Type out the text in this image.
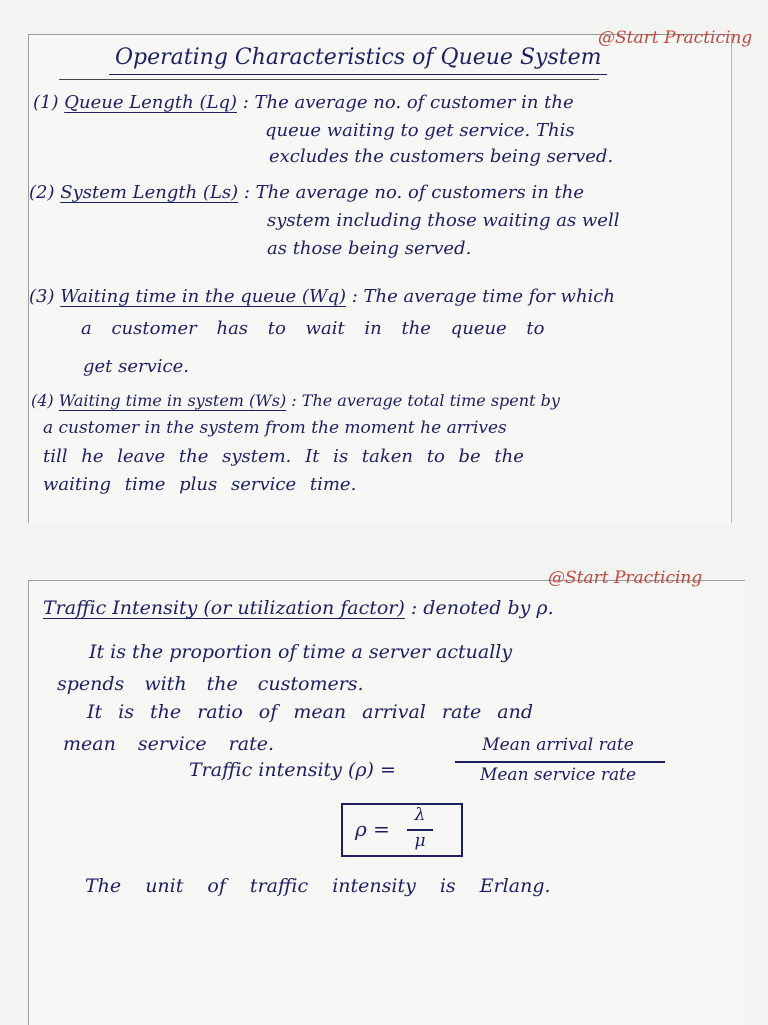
Operating Characteristics of Queue System
(1) Queue Length (Lq) : The average no. of customer in the
queue waiting to get service. This
excludes the customers being served.
(2) System Length (Ls) : The average no. of customers in the
system including those waiting as well
as those being served.
(3) Waiting time in the queue (Wq) : The average time for which
a customer has to wait in the queue to
get service.
(4) Waiting time in system (Ws) : The average total time spent by
a customer in the system from the moment he arrives
till he leave the system. It is taken to be the
waiting time plus service time.
@Start Practicing
Traffic Intensity (or utilization factor) : denoted by ρ.
It is the proportion of time a server actually
spends with the customers.
It is the ratio of mean arrival rate and
mean service rate.
Traffic intensity (ρ) =
Mean arrival rate
Mean service rate
ρ =
λ
μ
The unit of traffic intensity is Erlang.
@Start Practicing
